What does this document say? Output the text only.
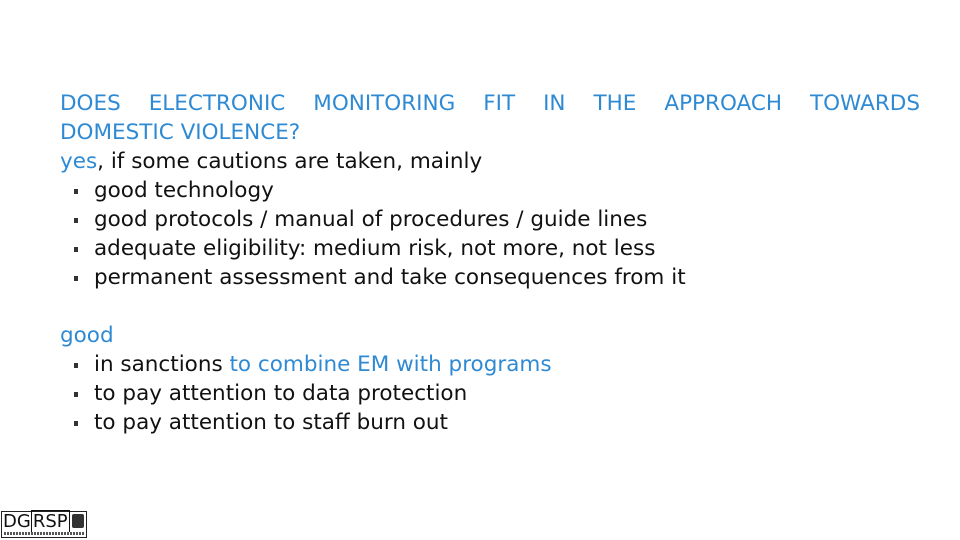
DOES ELECTRONIC MONITORING FIT IN THE APPROACH TOWARDS
DOMESTIC VIOLENCE?
yes, if some cautions are taken, mainly
good technology
good protocols / manual of procedures / guide lines
adequate eligibility: medium risk, not more, not less
permanent assessment and take consequences from it
good
in sanctions to combine EM with programs
to pay attention to data protection
to pay attention to staff burn out
DG RSP
